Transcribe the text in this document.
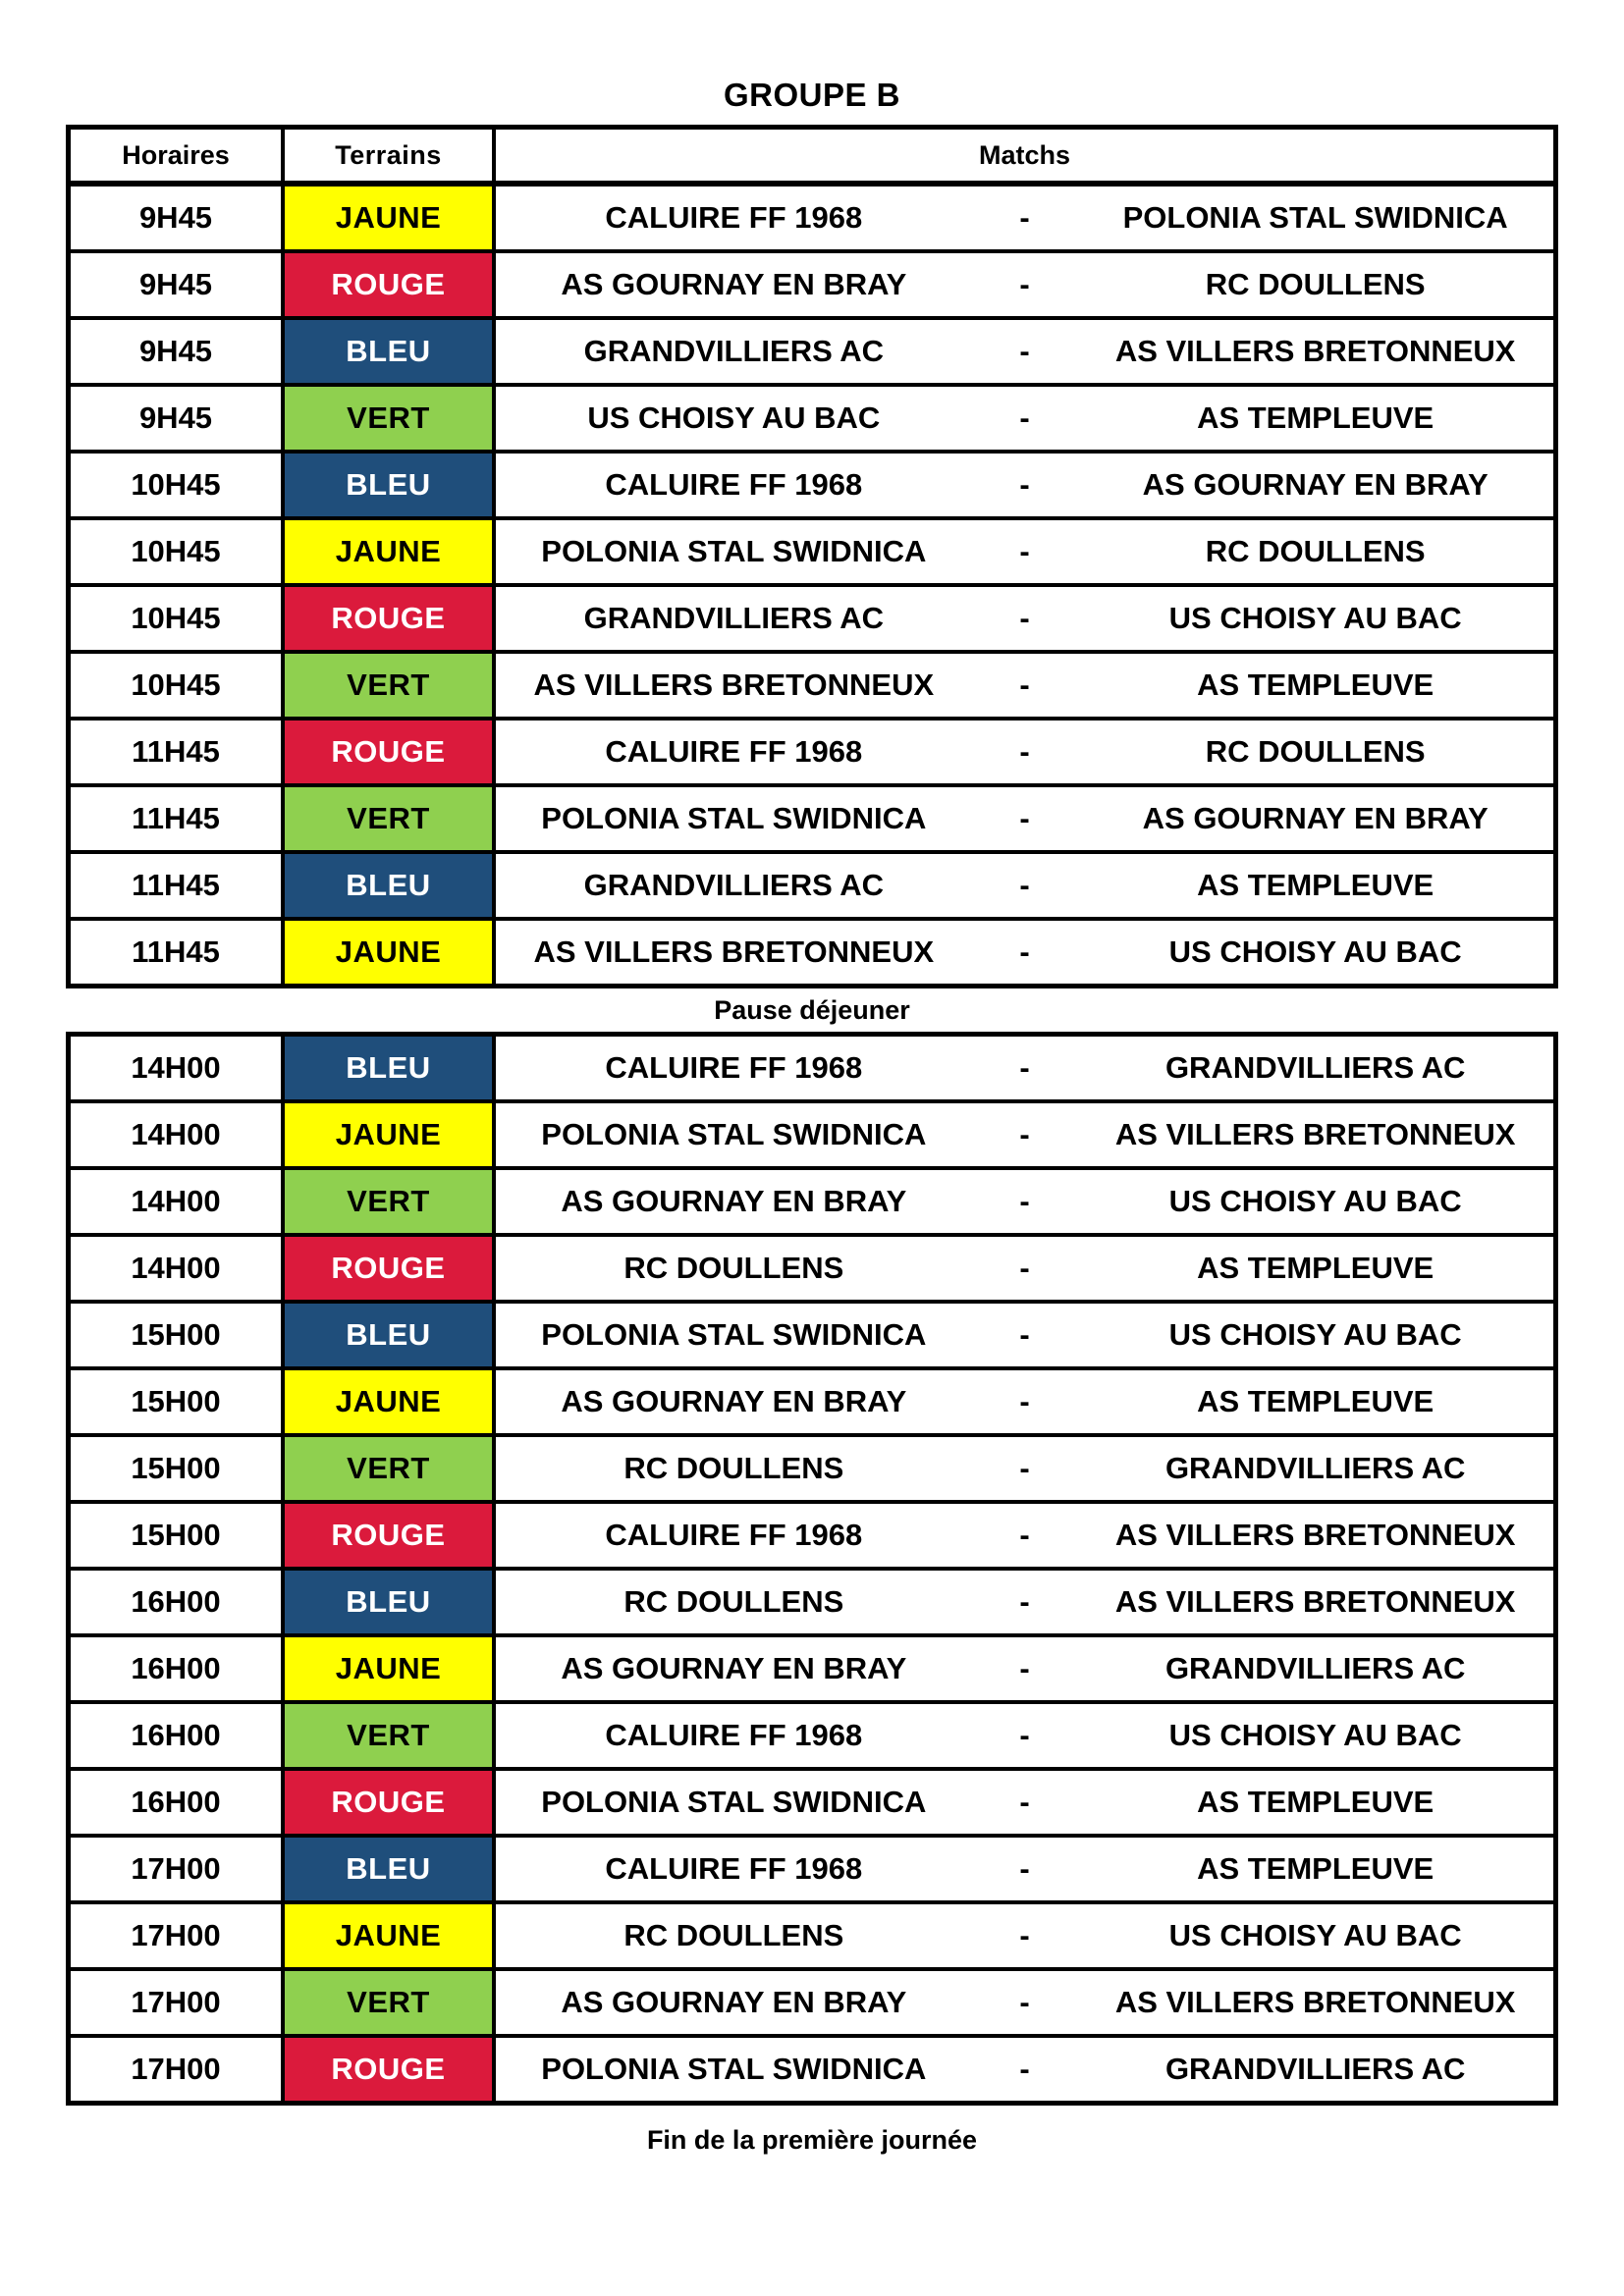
GROUPE B
Horaires	Terrains	Matchs
9H45	JAUNE	CALUIRE FF 1968	-	POLONIA STAL SWIDNICA
9H45	ROUGE	AS GOURNAY EN BRAY	-	RC DOULLENS
9H45	BLEU	GRANDVILLIERS AC	-	AS VILLERS BRETONNEUX
9H45	VERT	US CHOISY AU BAC	-	AS TEMPLEUVE
10H45	BLEU	CALUIRE FF 1968	-	AS GOURNAY EN BRAY
10H45	JAUNE	POLONIA STAL SWIDNICA	-	RC DOULLENS
10H45	ROUGE	GRANDVILLIERS AC	-	US CHOISY AU BAC
10H45	VERT	AS VILLERS BRETONNEUX	-	AS TEMPLEUVE
11H45	ROUGE	CALUIRE FF 1968	-	RC DOULLENS
11H45	VERT	POLONIA STAL SWIDNICA	-	AS GOURNAY EN BRAY
11H45	BLEU	GRANDVILLIERS AC	-	AS TEMPLEUVE
11H45	JAUNE	AS VILLERS BRETONNEUX	-	US CHOISY AU BAC
Pause déjeuner
14H00	BLEU	CALUIRE FF 1968	-	GRANDVILLIERS AC
14H00	JAUNE	POLONIA STAL SWIDNICA	-	AS VILLERS BRETONNEUX
14H00	VERT	AS GOURNAY EN BRAY	-	US CHOISY AU BAC
14H00	ROUGE	RC DOULLENS	-	AS TEMPLEUVE
15H00	BLEU	POLONIA STAL SWIDNICA	-	US CHOISY AU BAC
15H00	JAUNE	AS GOURNAY EN BRAY	-	AS TEMPLEUVE
15H00	VERT	RC DOULLENS	-	GRANDVILLIERS AC
15H00	ROUGE	CALUIRE FF 1968	-	AS VILLERS BRETONNEUX
16H00	BLEU	RC DOULLENS	-	AS VILLERS BRETONNEUX
16H00	JAUNE	AS GOURNAY EN BRAY	-	GRANDVILLIERS AC
16H00	VERT	CALUIRE FF 1968	-	US CHOISY AU BAC
16H00	ROUGE	POLONIA STAL SWIDNICA	-	AS TEMPLEUVE
17H00	BLEU	CALUIRE FF 1968	-	AS TEMPLEUVE
17H00	JAUNE	RC DOULLENS	-	US CHOISY AU BAC
17H00	VERT	AS GOURNAY EN BRAY	-	AS VILLERS BRETONNEUX
17H00	ROUGE	POLONIA STAL SWIDNICA	-	GRANDVILLIERS AC
Fin de la première journée
